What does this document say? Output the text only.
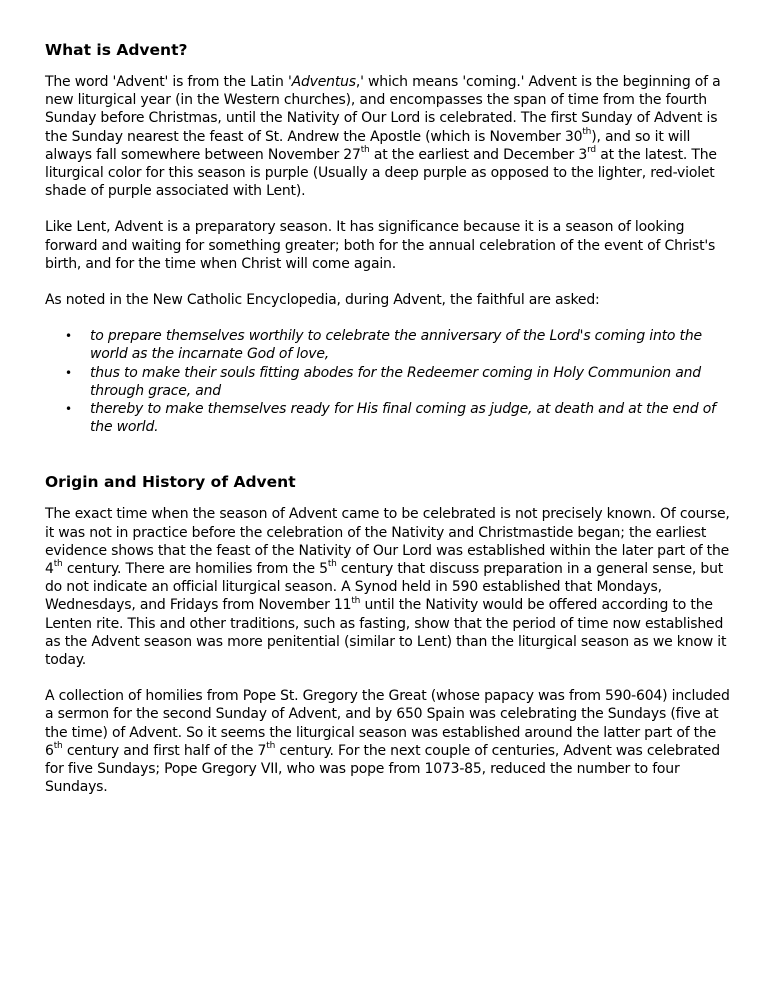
What is Advent?

The word 'Advent' is from the Latin 'Adventus,' which means 'coming.' Advent is the beginning of a new liturgical year (in the Western churches), and encompasses the span of time from the fourth Sunday before Christmas, until the Nativity of Our Lord is celebrated. The first Sunday of Advent is the Sunday nearest the feast of St. Andrew the Apostle (which is November 30th), and so it will always fall somewhere between November 27th at the earliest and December 3rd at the latest. The liturgical color for this season is purple (Usually a deep purple as opposed to the lighter, red-violet shade of purple associated with Lent).

Like Lent, Advent is a preparatory season. It has significance because it is a season of looking forward and waiting for something greater; both for the annual celebration of the event of Christ's birth, and for the time when Christ will come again.

As noted in the New Catholic Encyclopedia, during Advent, the faithful are asked:

• to prepare themselves worthily to celebrate the anniversary of the Lord's coming into the world as the incarnate God of love,
• thus to make their souls fitting abodes for the Redeemer coming in Holy Communion and through grace, and
• thereby to make themselves ready for His final coming as judge, at death and at the end of the world.
Origin and History of Advent

The exact time when the season of Advent came to be celebrated is not precisely known. Of course, it was not in practice before the celebration of the Nativity and Christmastide began; the earliest evidence shows that the feast of the Nativity of Our Lord was established within the later part of the 4th century. There are homilies from the 5th century that discuss preparation in a general sense, but do not indicate an official liturgical season. A Synod held in 590 established that Mondays, Wednesdays, and Fridays from November 11th until the Nativity would be offered according to the Lenten rite. This and other traditions, such as fasting, show that the period of time now established as the Advent season was more penitential (similar to Lent) than the liturgical season as we know it today.

A collection of homilies from Pope St. Gregory the Great (whose papacy was from 590-604) included a sermon for the second Sunday of Advent, and by 650 Spain was celebrating the Sundays (five at the time) of Advent. So it seems the liturgical season was established around the latter part of the 6th century and first half of the 7th century. For the next couple of centuries, Advent was celebrated for five Sundays; Pope Gregory VII, who was pope from 1073-85, reduced the number to four Sundays.
